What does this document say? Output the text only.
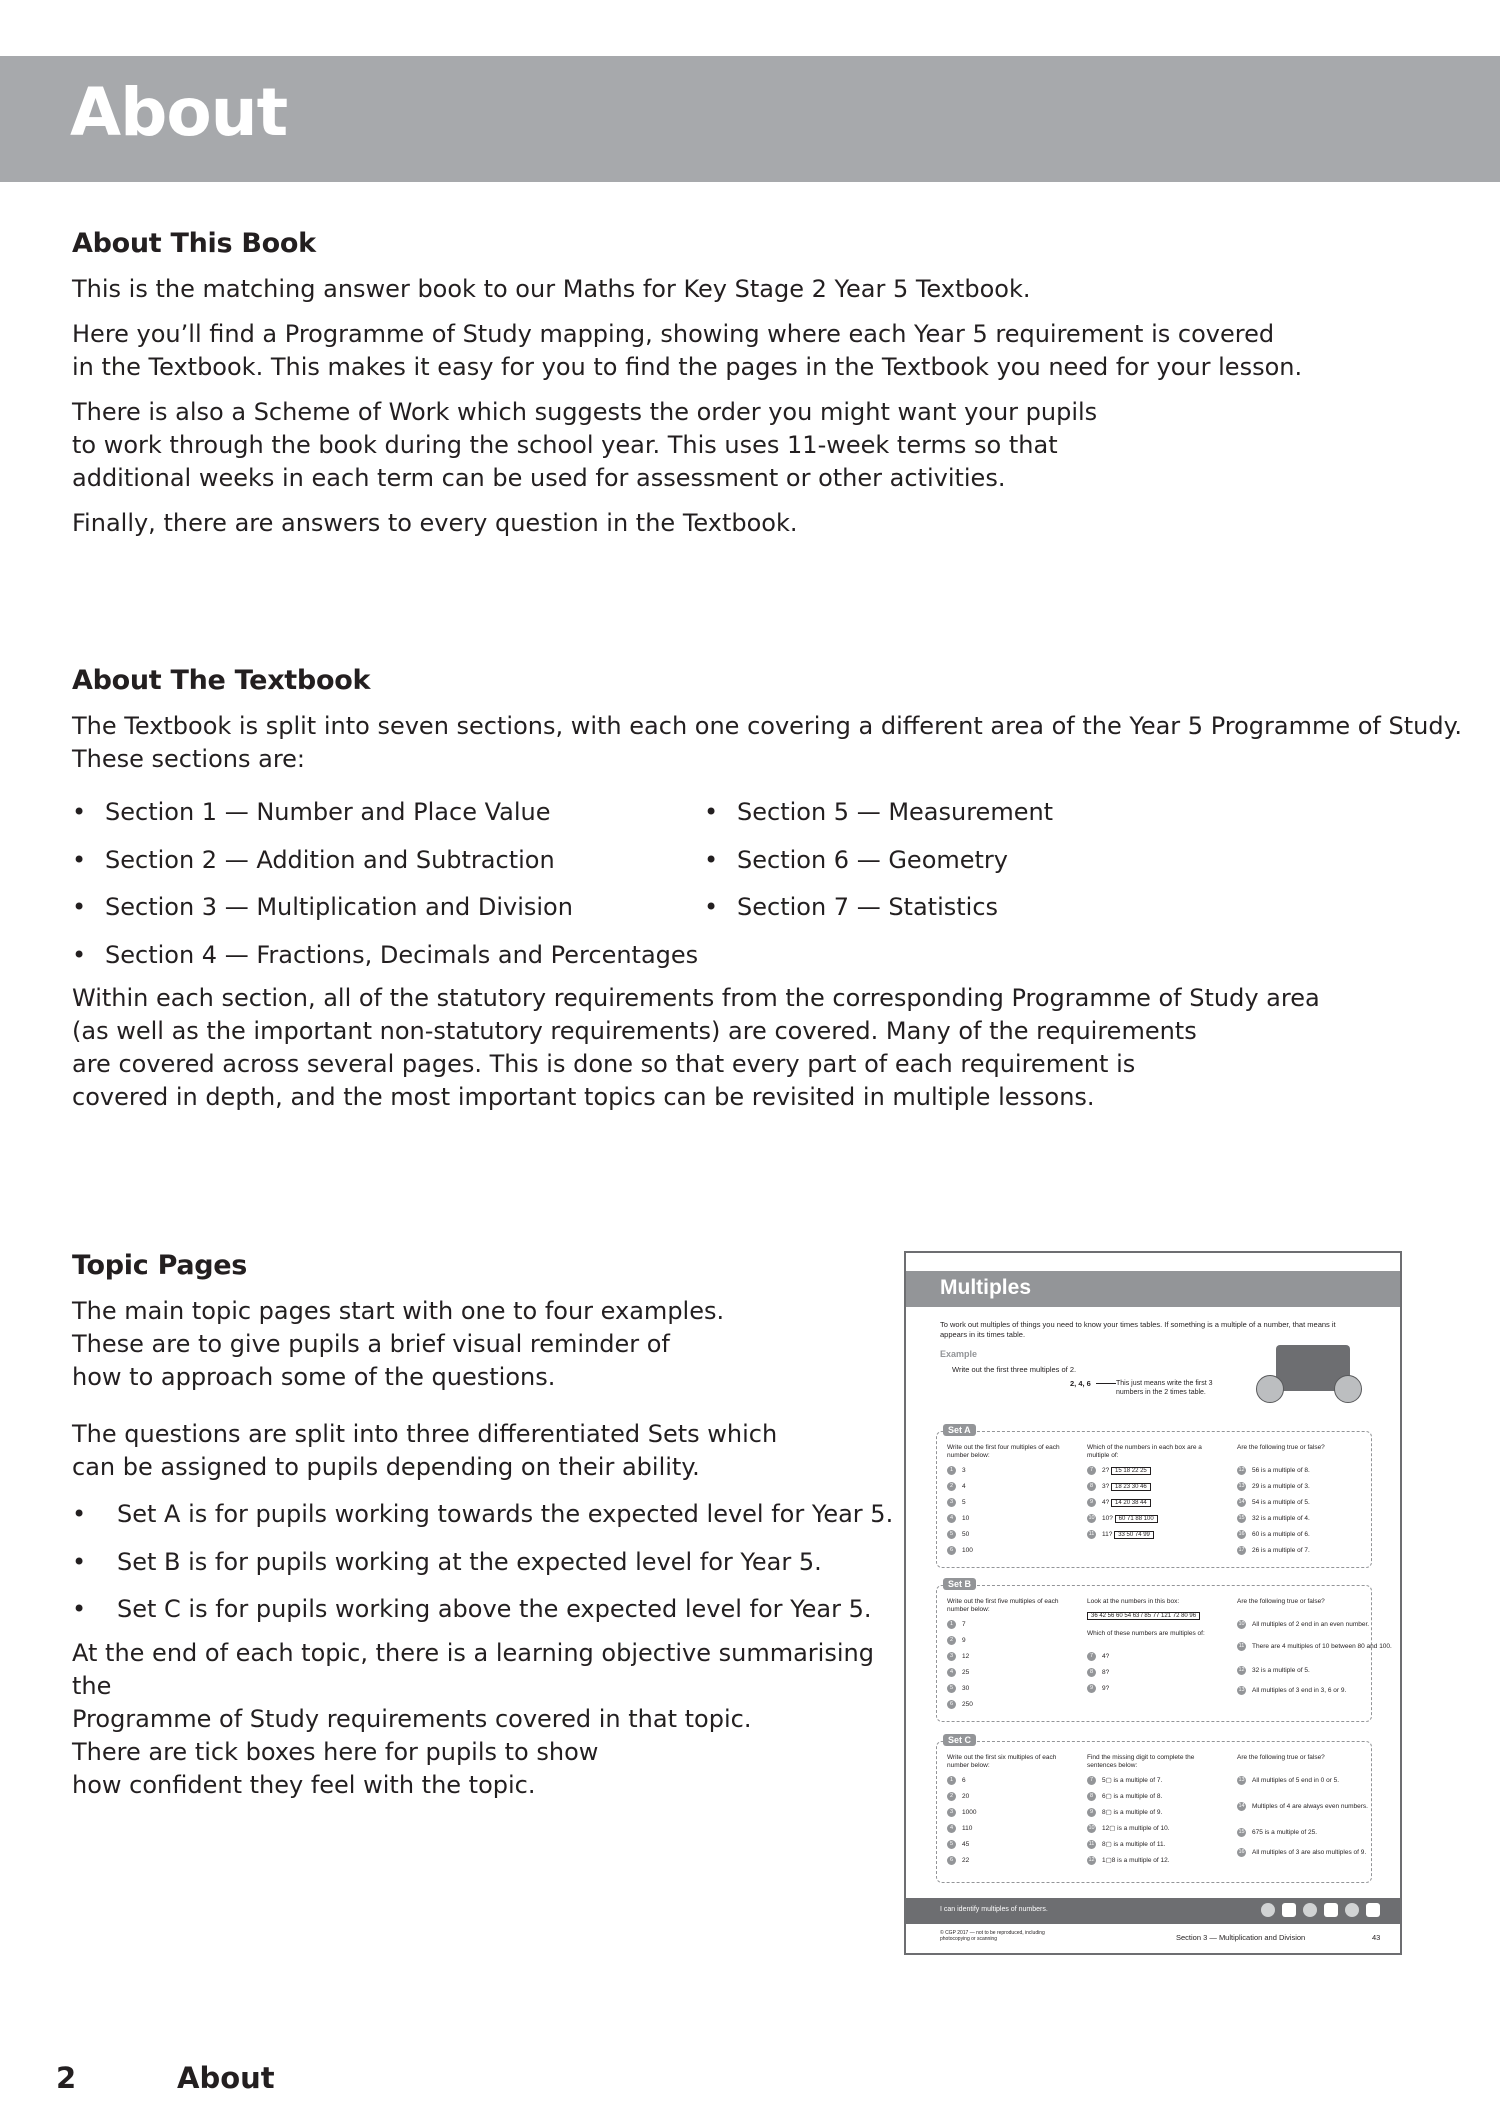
About
About This Book

This is the matching answer book to our Maths for Key Stage 2 Year 5 Textbook.

Here you’ll find a Programme of Study mapping, showing where each Year 5 requirement is covered
in the Textbook. This makes it easy for you to find the pages in the Textbook you need for your lesson.

There is also a Scheme of Work which suggests the order you might want your pupils
to work through the book during the school year. This uses 11-week terms so that
additional weeks in each term can be used for assessment or other activities.

Finally, there are answers to every question in the Textbook.

About The Textbook

The Textbook is split into seven sections, with each one covering a different area of the Year 5 Programme of Study.
These sections are:

• Section 1 — Number and Place Value
• Section 2 — Addition and Subtraction
• Section 3 — Multiplication and Division
• Section 4 — Fractions, Decimals and Percentages
• Section 5 — Measurement
• Section 6 — Geometry
• Section 7 — Statistics

Within each section, all of the statutory requirements from the corresponding Programme of Study area
(as well as the important non-statutory requirements) are covered. Many of the requirements
are covered across several pages. This is done so that every part of each requirement is
covered in depth, and the most important topics can be revisited in multiple lessons.

Topic Pages

The main topic pages start with one to four examples.
These are to give pupils a brief visual reminder of
how to approach some of the questions.

The questions are split into three differentiated Sets which
can be assigned to pupils depending on their ability.

• Set A is for pupils working towards the expected level for Year 5.
• Set B is for pupils working at the expected level for Year 5.
• Set C is for pupils working above the expected level for Year 5.

At the end of each topic, there is a learning objective summarising the
Programme of Study requirements covered in that topic.
There are tick boxes here for pupils to show
how confident they feel with the topic.

Multiples
To work out multiples of things you need to know your times tables. If something is a multiple of a number, that means it appears in its times table.
Example
Write out the first three multiples of 2.
2, 4, 6	This just means write the first 3 numbers in the 2 times table.
Set A
Write out the first four multiples of each number below:
1 3
2 4
3 5
4 10
5 50
6 100
Which of the numbers in each box are a multiple of:
7 2? 15 18 22 25
8 3? 18 23 30 46
9 4? 14 20 38 44
10 10? 60 71 88 100
11 11? 33 50 74 99
Are the following true or false?
12 56 is a multiple of 8.
13 29 is a multiple of 3.
14 54 is a multiple of 5.
15 32 is a multiple of 4.
16 60 is a multiple of 6.
17 26 is a multiple of 7.
Set B
Write out the first five multiples of each number below:
1 7
2 9
3 12
4 25
5 30
6 250
Look at the numbers in this box:
36 42 56 60 54 63 / 85 77 121 72 80 96
Which of these numbers are multiples of:
7 4?
8 8?
9 9?
Are the following true or false?
10 All multiples of 2 end in an even number.
11 There are 4 multiples of 10 between 80 and 100.
12 32 is a multiple of 5.
13 All multiples of 3 end in 3, 6 or 9.
Set C
Write out the first six multiples of each number below:
1 6
2 20
3 1000
4 110
5 45
6 22
Find the missing digit to complete the sentences below:
7 5▢ is a multiple of 7.
8 6▢ is a multiple of 8.
9 8▢ is a multiple of 9.
10 12▢ is a multiple of 10.
11 8▢ is a multiple of 11.
12 1▢8 is a multiple of 12.
Are the following true or false?
13 All multiples of 5 end in 0 or 5.
14 Multiples of 4 are always even numbers.
15 675 is a multiple of 25.
16 All multiples of 3 are also multiples of 9.
I can identify multiples of numbers.
© CGP 2017 — not to be reproduced, including photocopying or scanning	Section 3 — Multiplication and Division	43
2	About
